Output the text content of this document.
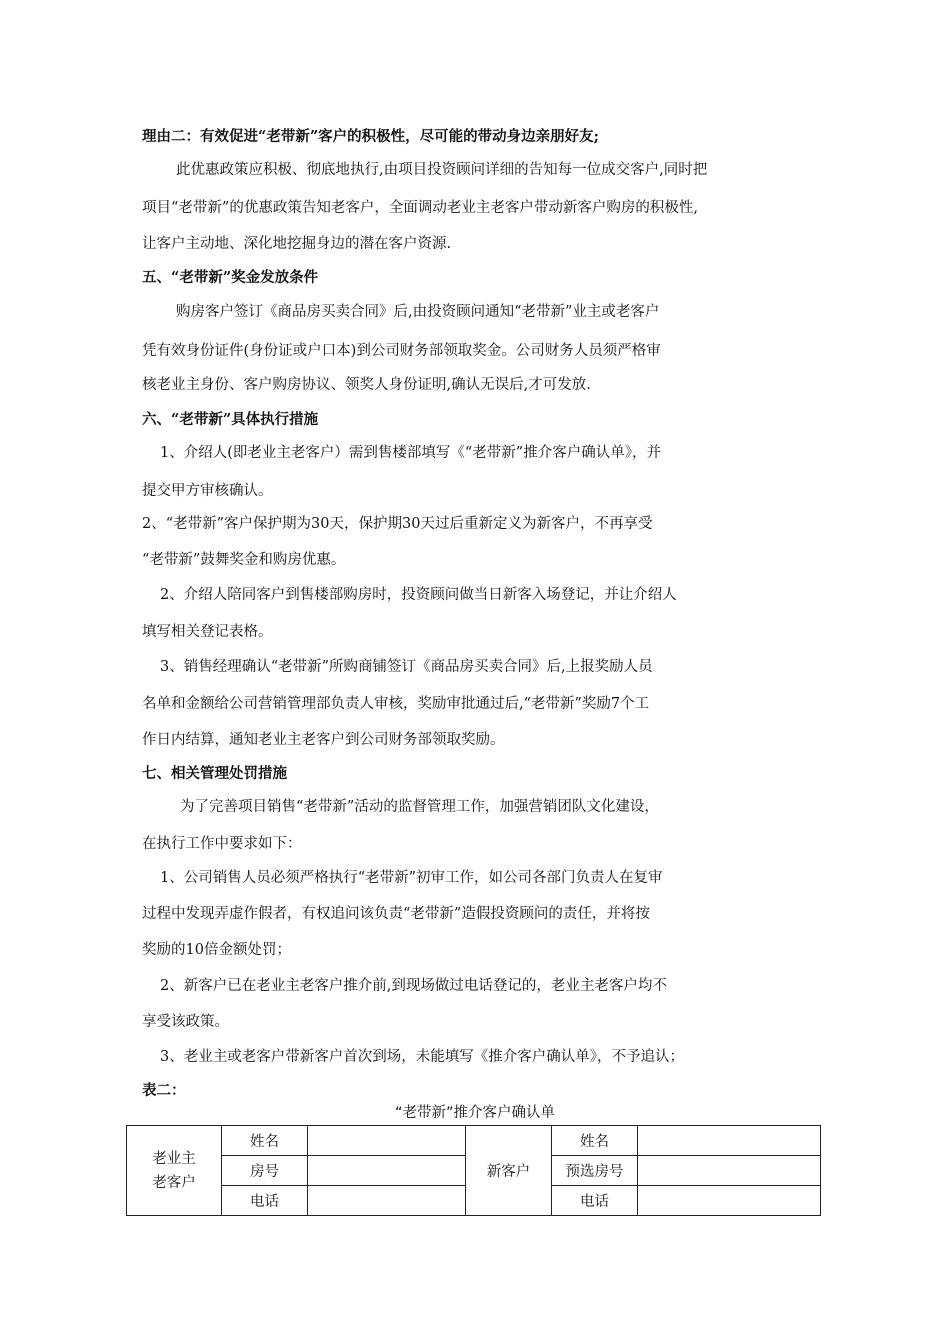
理由二：有效促进“老带新”客户的积极性，尽可能的带动身边亲朋好友;
此优惠政策应积极、彻底地执行,由项目投资顾问详细的告知每一位成交客户,同时把
项目“老带新”的优惠政策告知老客户，全面调动老业主老客户带动新客户购房的积极性,
让客户主动地、深化地挖掘身边的潜在客户资源.
五、“老带新”奖金发放条件
购房客户签订《商品房买卖合同》后,由投资顾问通知“老带新”业主或老客户
凭有效身份证件(身份证或户口本)到公司财务部领取奖金。公司财务人员须严格审
核老业主身份、客户购房协议、领奖人身份证明,确认无误后,才可发放.
六、“老带新”具体执行措施
1、介绍人(即老业主老客户）需到售楼部填写《“老带新”推介客户确认单》，并
提交甲方审核确认。
2、“老带新”客户保护期为30天，保护期30天过后重新定义为新客户，不再享受
“老带新”鼓舞奖金和购房优惠。
2、介绍人陪同客户到售楼部购房时，投资顾问做当日新客入场登记，并让介绍人
填写相关登记表格。
3、销售经理确认“老带新”所购商铺签订《商品房买卖合同》后,上报奖励人员
名单和金额给公司营销管理部负责人审核，奖励审批通过后,“老带新”奖励7个工
作日内结算，通知老业主老客户到公司财务部领取奖励。
七、相关管理处罚措施
为了完善项目销售“老带新”活动的监督管理工作，加强营销团队文化建设，
在执行工作中要求如下：
1、公司销售人员必须严格执行“老带新”初审工作，如公司各部门负责人在复审
过程中发现弄虚作假者，有权追问该负责“老带新”造假投资顾问的责任，并将按
奖励的10倍金额处罚；
2、新客户已在老业主老客户推介前,到现场做过电话登记的，老业主老客户均不
享受该政策。
3、老业主或老客户带新客户首次到场，未能填写《推介客户确认单》，不予追认；
表二：
“老带新”推介客户确认单
老业主老客户	姓名		新客户	姓名	
	房号			预选房号	
	电话			电话	
